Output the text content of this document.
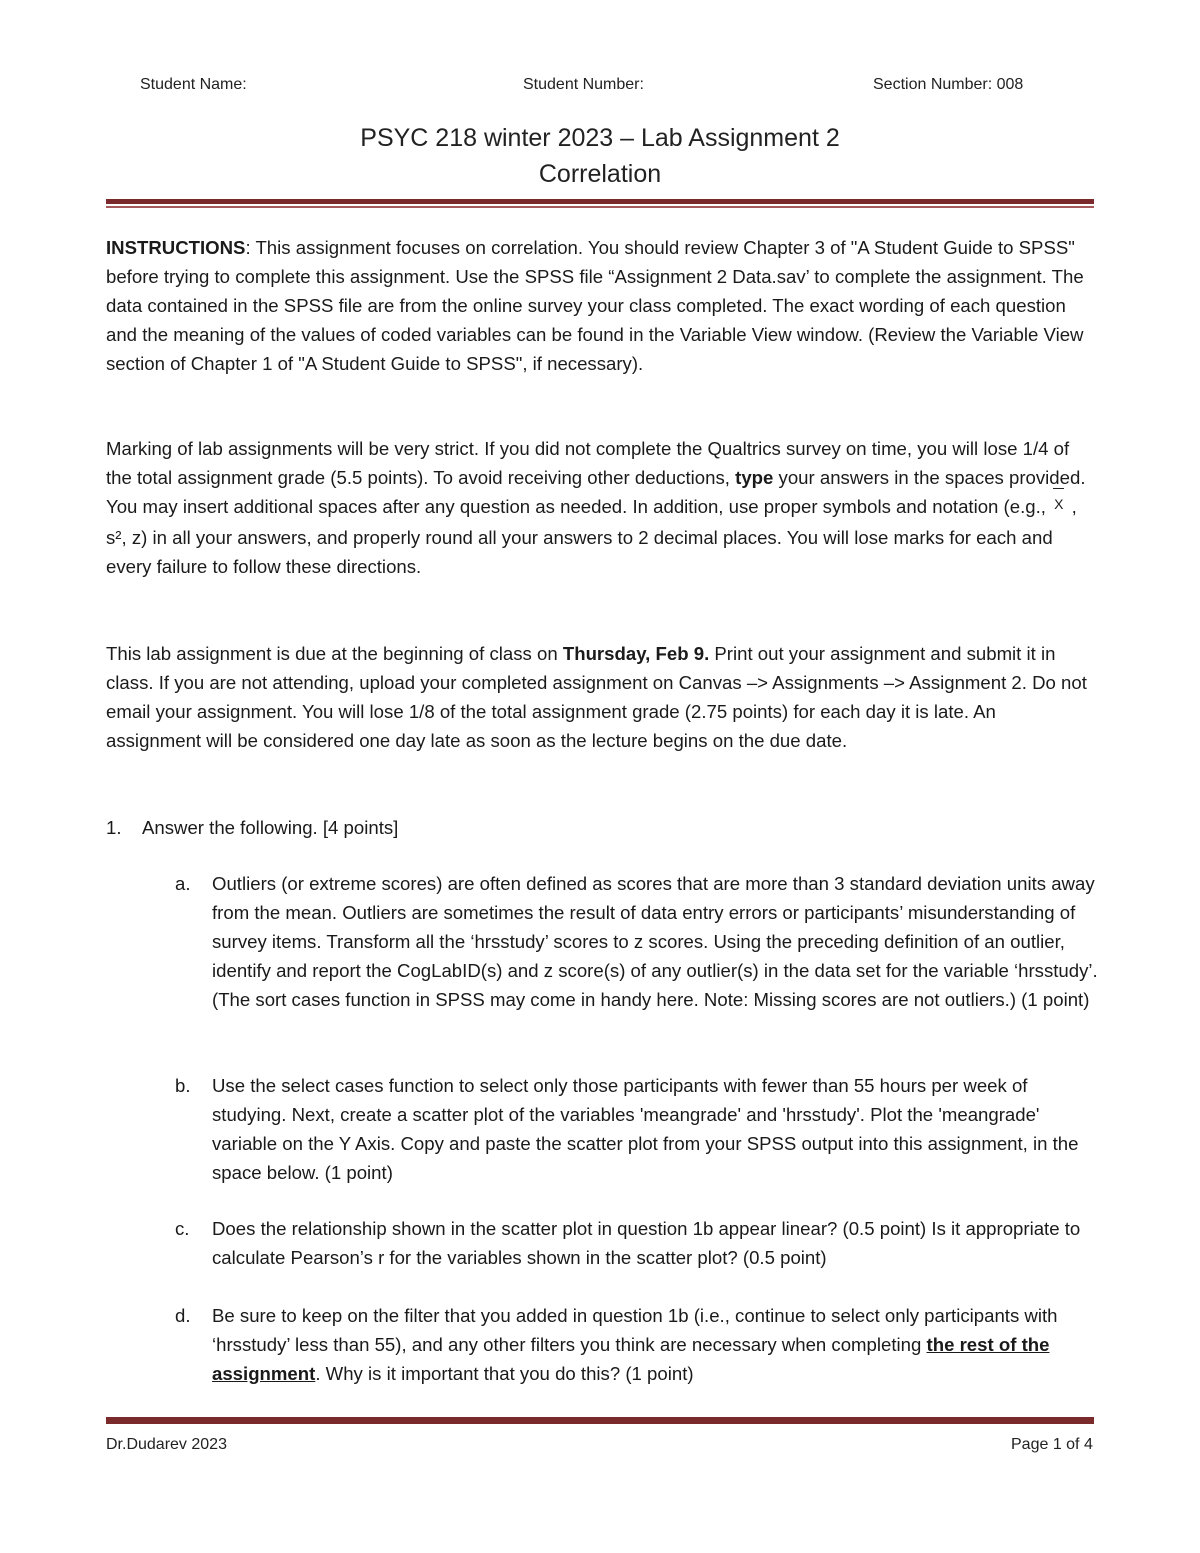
Student Name:	Student Number:	Section Number: 008
PSYC 218 winter 2023 – Lab Assignment 2
Correlation

INSTRUCTIONS: This assignment focuses on correlation. You should review Chapter 3 of "A Student Guide to SPSS" before trying to complete this assignment. Use the SPSS file “Assignment 2 Data.sav’ to complete the assignment. The data contained in the SPSS file are from the online survey your class completed. The exact wording of each question and the meaning of the values of coded variables can be found in the Variable View window. (Review the Variable View section of Chapter 1 of "A Student Guide to SPSS", if necessary).

Marking of lab assignments will be very strict. If you did not complete the Qualtrics survey on time, you will lose 1/4 of the total assignment grade (5.5 points). To avoid receiving other deductions, type your answers in the spaces provided. You may insert additional spaces after any question as needed. In addition, use proper symbols and notation (e.g., X , s², z) in all your answers, and properly round all your answers to 2 decimal places. You will lose marks for each and every failure to follow these directions.

This lab assignment is due at the beginning of class on Thursday, Feb 9. Print out your assignment and submit it in class. If you are not attending, upload your completed assignment on Canvas –> Assignments –> Assignment 2. Do not email your assignment. You will lose 1/8 of the total assignment grade (2.75 points) for each day it is late. An assignment will be considered one day late as soon as the lecture begins on the due date.

1. Answer the following. [4 points]
a. Outliers (or extreme scores) are often defined as scores that are more than 3 standard deviation units away from the mean. Outliers are sometimes the result of data entry errors or participants’ misunderstanding of survey items. Transform all the ‘hrsstudy’ scores to z scores. Using the preceding definition of an outlier, identify and report the CogLabID(s) and z score(s) of any outlier(s) in the data set for the variable ‘hrsstudy’. (The sort cases function in SPSS may come in handy here. Note: Missing scores are not outliers.) (1 point)
b. Use the select cases function to select only those participants with fewer than 55 hours per week of studying. Next, create a scatter plot of the variables 'meangrade' and 'hrsstudy'. Plot the 'meangrade' variable on the Y Axis. Copy and paste the scatter plot from your SPSS output into this assignment, in the space below. (1 point)
c. Does the relationship shown in the scatter plot in question 1b appear linear? (0.5 point) Is it appropriate to calculate Pearson’s r for the variables shown in the scatter plot? (0.5 point)
d. Be sure to keep on the filter that you added in question 1b (i.e., continue to select only participants with ‘hrsstudy’ less than 55), and any other filters you think are necessary when completing the rest of the assignment. Why is it important that you do this? (1 point)
Dr.Dudarev 2023	Page 1 of 4
